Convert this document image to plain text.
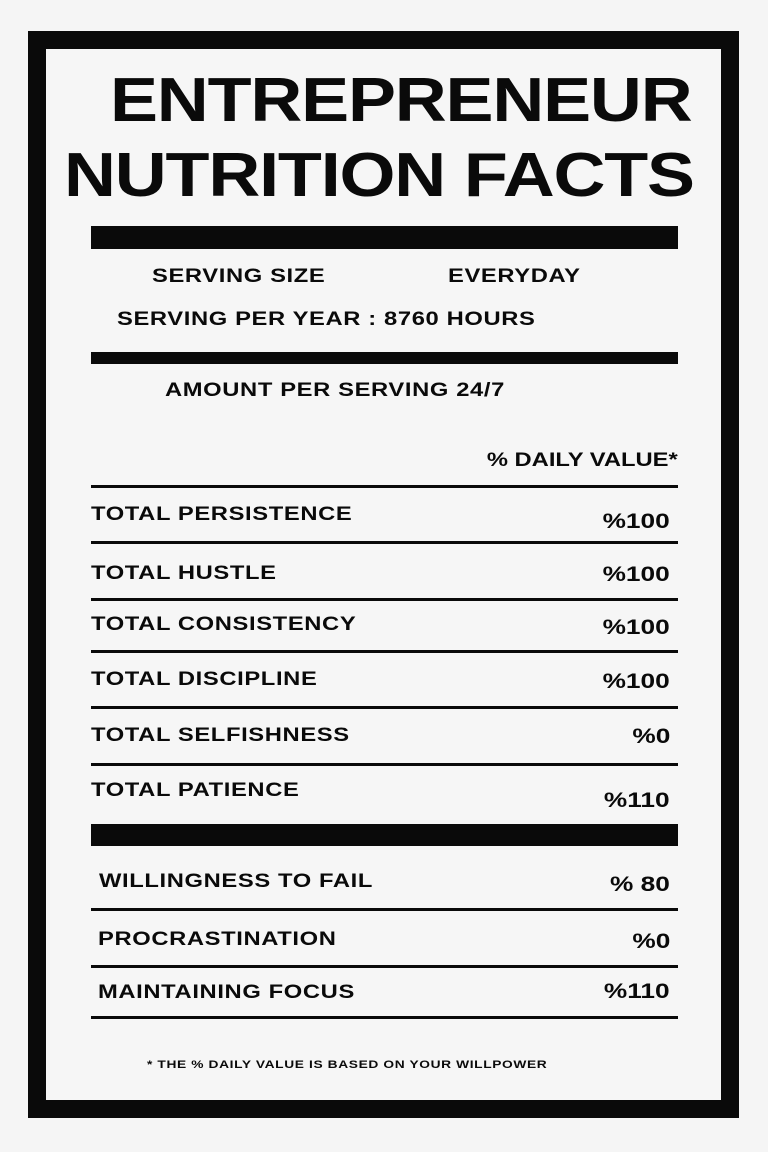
ENTREPRENEUR
NUTRITION FACTS
SERVING SIZE	EVERYDAY
SERVING PER YEAR : 8760 HOURS
AMOUNT PER SERVING 24/7
% DAILY VALUE*
TOTAL PERSISTENCE	%100
TOTAL HUSTLE	%100
TOTAL CONSISTENCY	%100
TOTAL DISCIPLINE	%100
TOTAL SELFISHNESS	%0
TOTAL PATIENCE	%110
WILLINGNESS TO FAIL	% 80
PROCRASTINATION	%0
MAINTAINING FOCUS	%110
* THE % DAILY VALUE IS BASED ON YOUR WILLPOWER
